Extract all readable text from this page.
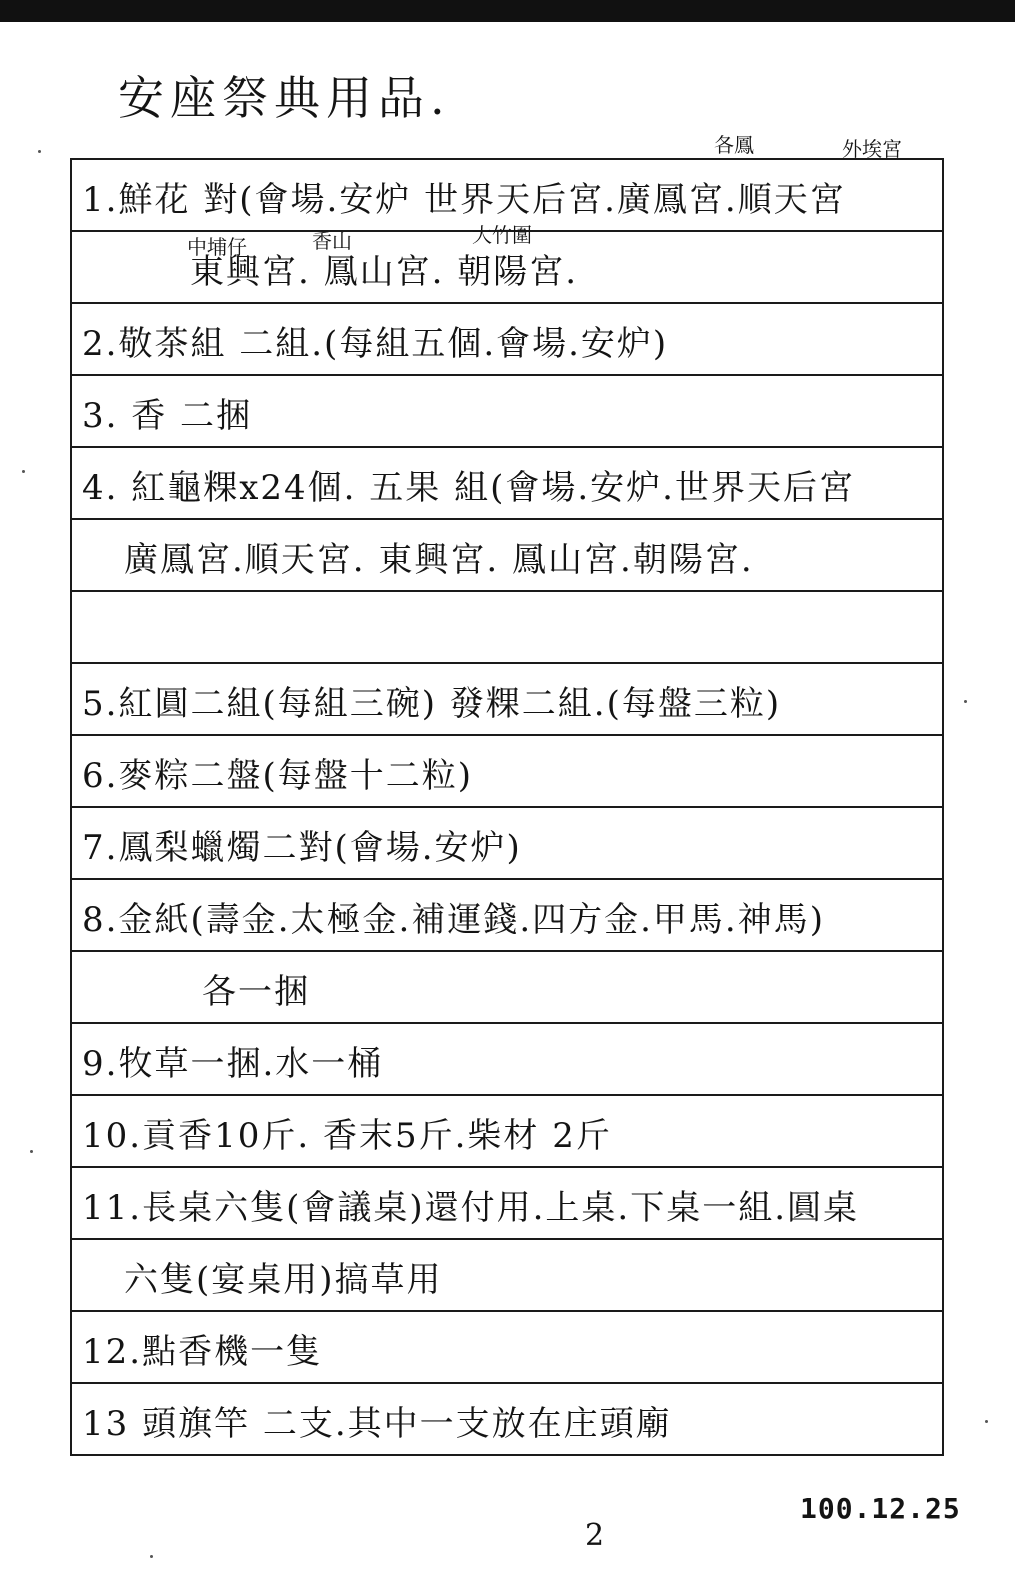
安座祭典用品.
各鳳	外埃宮
1.鮮花 對(會場.安炉 世界天后宮.廣鳳宮.順天宮
中埔仔	香山	大竹圍
東興宮. 鳳山宮. 朝陽宮.
2.敬茶組 二組.(每組五個.會場.安炉)
3. 香 二捆
4. 紅龜粿x24個. 五果 組(會場.安炉.世界天后宮
廣鳳宮.順天宮. 東興宮. 鳳山宮.朝陽宮.
5.紅圓二組(每組三碗) 發粿二組.(每盤三粒)
6.麥粽二盤(每盤十二粒)
7.鳳梨蠟燭二對(會場.安炉)
8.金紙(壽金.太極金.補運錢.四方金.甲馬.神馬)
各一捆
9.牧草一捆.水一桶
10.貢香10斤. 香末5斤.柴材 2斤
11.長桌六隻(會議桌)還付用.上桌.下桌一組.圓桌
六隻(宴桌用)搞草用
12.點香機一隻
13 頭旗竿 二支.其中一支放在庄頭廟
100.12.25
2
